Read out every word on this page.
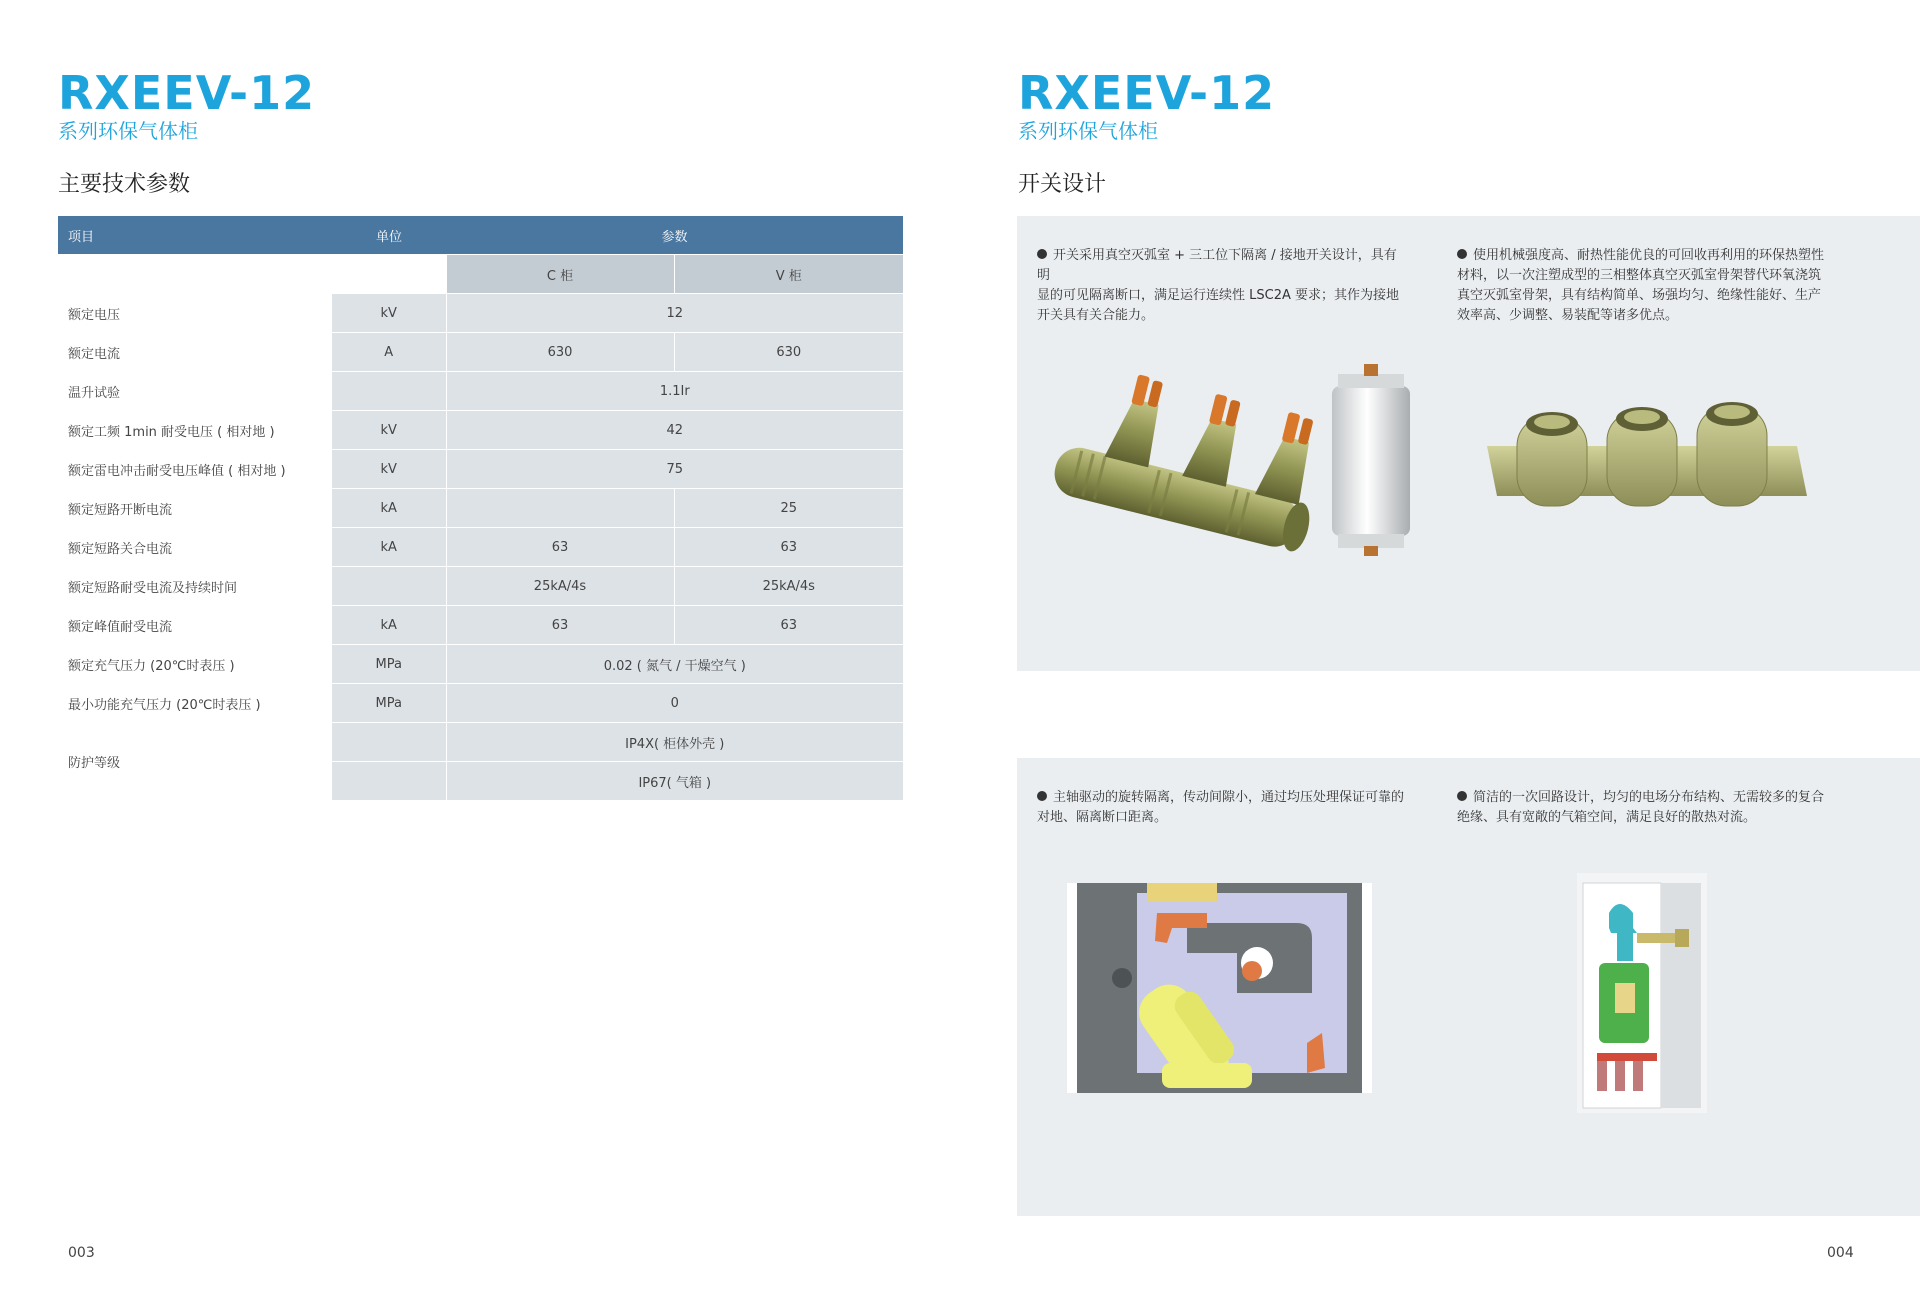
RXEEV-12
系列环保气体柜
主要技术参数
项目	单位	参数	
		C 柜	V 柜
额定电压	kV	12	
额定电流	A	630	630
温升试验		1.1Ir	
额定工频 1min 耐受电压 ( 相对地 )	kV	42	
额定雷电冲击耐受电压峰值 ( 相对地 )	kV	75	
额定短路开断电流	kA		25
额定短路关合电流	kA	63	63
额定短路耐受电流及持续时间		25kA/4s	25kA/4s
额定峰值耐受电流	kA	63	63
额定充气压力 (20℃时表压 )	MPa	0.02 ( 氮气 / 干燥空气 )	
最小功能充气压力 (20℃时表压 )	MPa	0	
防护等级		IP4X( 柜体外壳 )	
		IP67( 气箱 )	
003
RXEEV-12
系列环保气体柜
开关设计
开关采用真空灭弧室 + 三工位下隔离 / 接地开关设计，具有明
显的可见隔离断口，满足运行连续性 LSC2A 要求；其作为接地
开关具有关合能力。
使用机械强度高、耐热性能优良的可回收再利用的环保热塑性
材料，以一次注塑成型的三相整体真空灭弧室骨架替代环氧浇筑
真空灭弧室骨架，具有结构简单、场强均匀、绝缘性能好、生产
效率高、少调整、易装配等诸多优点。
主轴驱动的旋转隔离，传动间隙小，通过均压处理保证可靠的
对地、隔离断口距离。
简洁的一次回路设计，均匀的电场分布结构、无需较多的复合
绝缘、具有宽敞的气箱空间，满足良好的散热对流。
004
